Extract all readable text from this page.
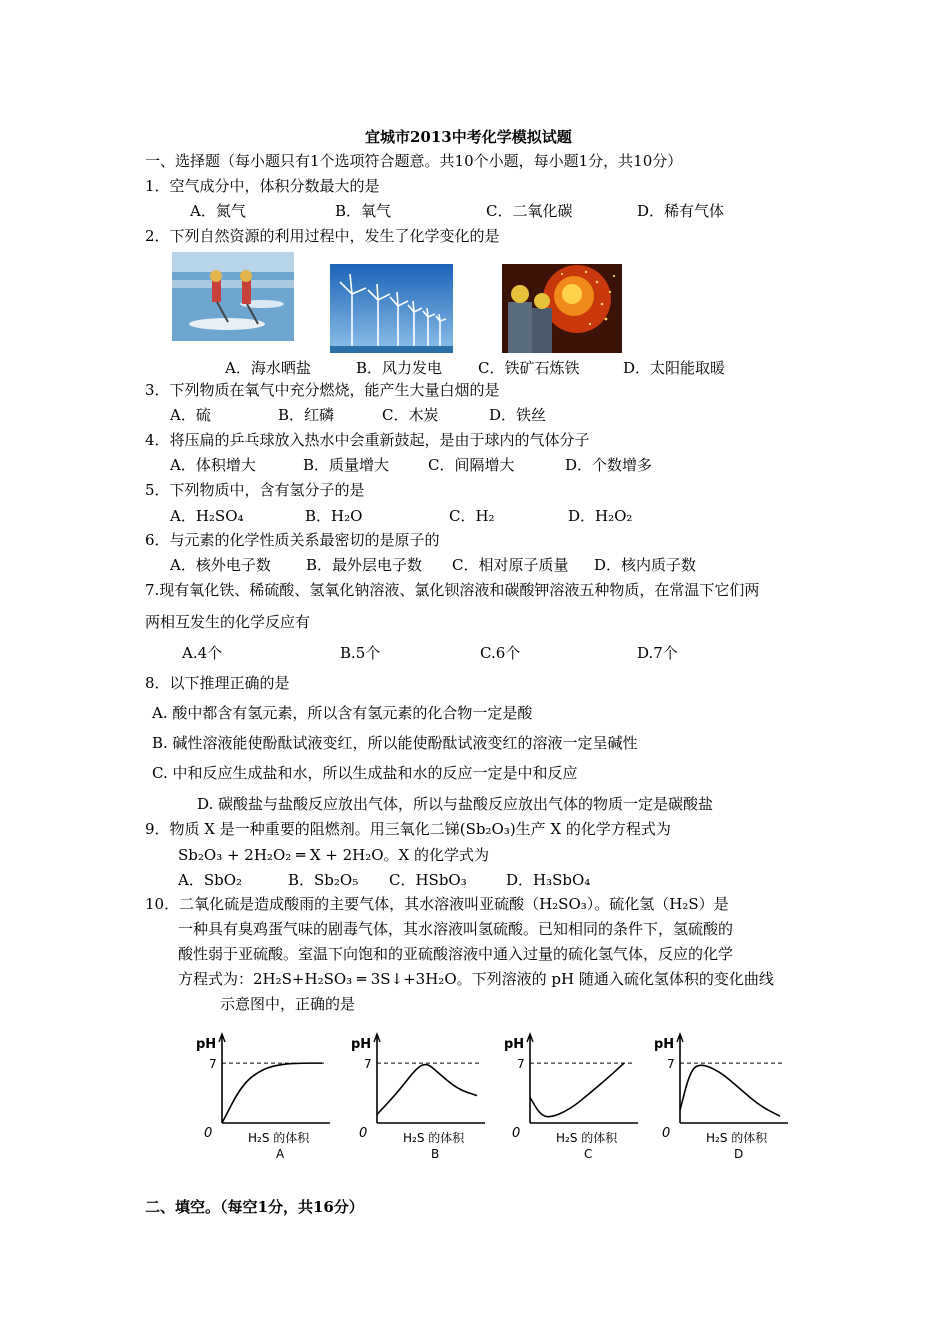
宜城市2013中考化学模拟试题
一、选择题（每小题只有1个选项符合题意。共10个小题，每小题1分，共10分）
1．空气成分中，体积分数最大的是
A．氮气	B．氧气	C．二氧化碳	D．稀有气体
2．下列自然资源的利用过程中，发生了化学变化的是
A．海水晒盐	B．风力发电 C．铁矿石炼铁	D．太阳能取暖
3．下列物质在氧气中充分燃烧，能产生大量白烟的是
A．硫	B．红磷	C．木炭	D．铁丝
4．将压扁的乒乓球放入热水中会重新鼓起，是由于球内的气体分子
A．体积增大	B．质量增大	C．间隔增大	D．个数增多
5．下列物质中，含有氢分子的是
A．H₂SO₄	B．H₂O	C．H₂	D．H₂O₂
6．与元素的化学性质关系最密切的是原子的
A．核外电子数 B．最外层电子数 C．相对原子质量 D．核内质子数
7.现有氧化铁、稀硫酸、氢氧化钠溶液、氯化钡溶液和碳酸钾溶液五种物质，在常温下它们两
两相互发生的化学反应有
A.4个	B.5个	C.6个	D.7个
8．以下推理正确的是
A. 酸中都含有氢元素，所以含有氢元素的化合物一定是酸
B. 碱性溶液能使酚酞试液变红，所以能使酚酞试液变红的溶液一定呈碱性
C. 中和反应生成盐和水，所以生成盐和水的反应一定是中和反应
D. 碳酸盐与盐酸反应放出气体，所以与盐酸反应放出气体的物质一定是碳酸盐
9．物质 X 是一种重要的阻燃剂。用三氧化二锑(Sb₂O₃)生产 X 的化学方程式为
Sb₂O₃ + 2H₂O₂ ═ X + 2H₂O。X 的化学式为
A．SbO₂	B．Sb₂O₅ C．HSbO₃	D．H₃SbO₄
10．二氧化硫是造成酸雨的主要气体，其水溶液叫亚硫酸（H₂SO₃）。硫化氢（H₂S）是
一种具有臭鸡蛋气味的剧毒气体，其水溶液叫氢硫酸。已知相同的条件下，氢硫酸的
酸性弱于亚硫酸。室温下向饱和的亚硫酸溶液中通入过量的硫化氢气体，反应的化学
方程式为：2H₂S+H₂SO₃ ═ 3S↓+3H₂O。下列溶液的 pH 随通入硫化氢体积的变化曲线
示意图中，正确的是
pH
7
0	H₂S 的体积
A
pH
7
0	H₂S 的体积
B
pH
7
0	H₂S 的体积
C
pH
7
0	H₂S 的体积
D
二、填空。（每空1分，共16分）
